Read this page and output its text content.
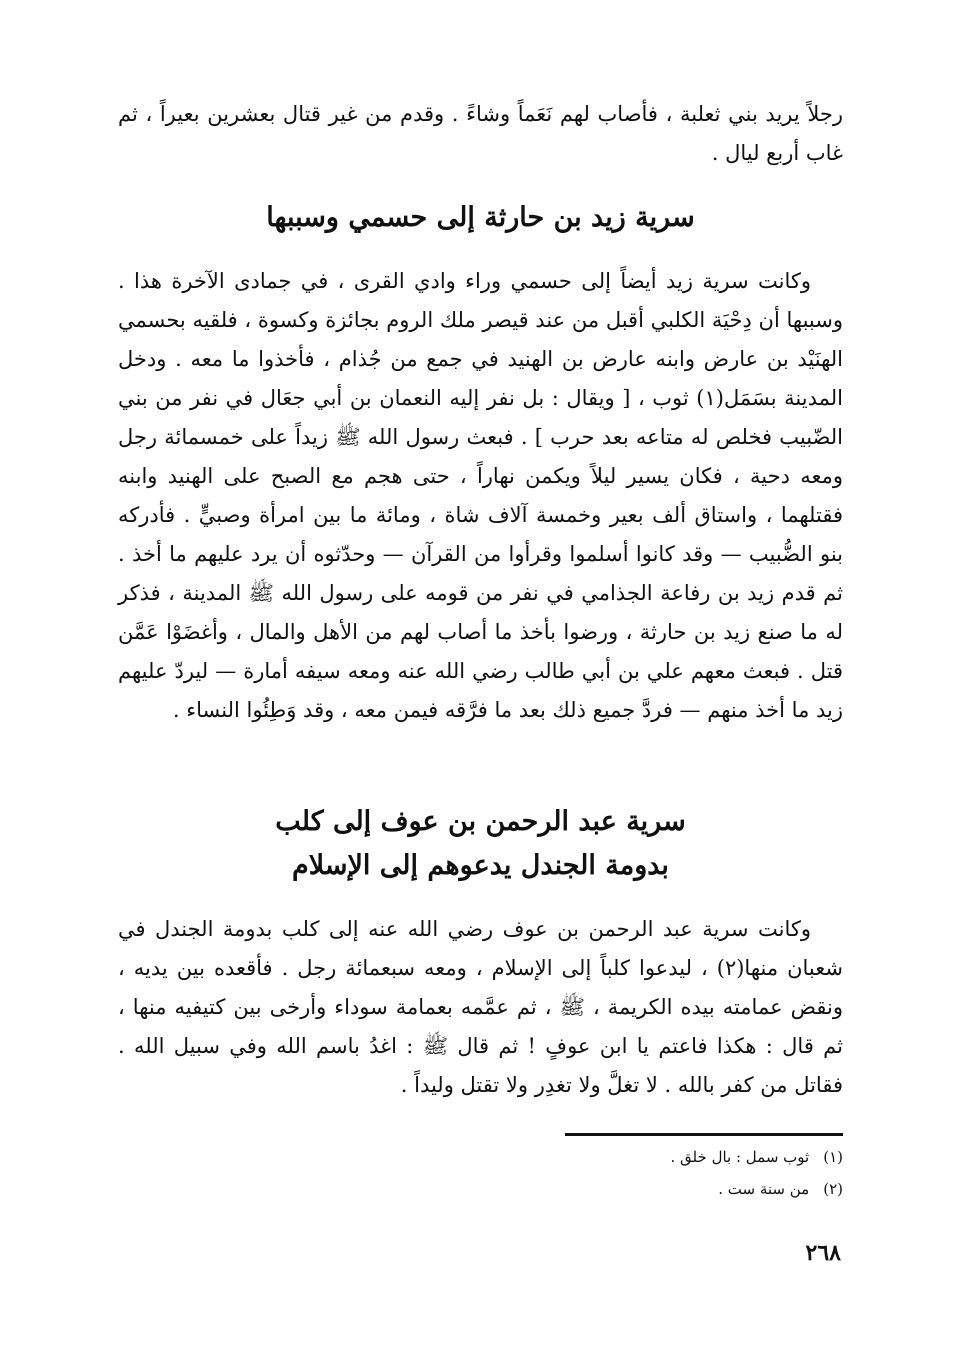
رجلاً يريد بني ثعلبة ، فأصاب لهم نَعَماً وشاءً . وقدم من غير قتال بعشرين بعيراً ، ثم غاب أربع ليال .

سرية زيد بن حارثة إلى حسمي وسببها

وكانت سرية زيد أيضاً إلى حسمي وراء وادي القرى ، في جمادى الآخرة هذا . وسببها أن دِحْيَة الكلبي أقبل من عند قيصر ملك الروم بجائزة وكسوة ، فلقيه بحسمي الهنَيْد بن عارض وابنه عارض بن الهنيد في جمع من جُذام ، فأخذوا ما معه . ودخل المدينة بسَمَل(١) ثوب ، [ ويقال : بل نفر إليه النعمان بن أبي جعَال في نفر من بني الضّبيب فخلص له متاعه بعد حرب ] . فبعث رسول الله ﷺ زيداً على خمسمائة رجل ومعه دحية ، فكان يسير ليلاً ويكمن نهاراً ، حتى هجم مع الصبح على الهنيد وابنه فقتلهما ، واستاق ألف بعير وخمسة آلاف شاة ، ومائة ما بين امرأة وصبيٍّ . فأدركه بنو الضُّبيب — وقد كانوا أسلموا وقرأوا من القرآن — وحدّثوه أن يرد عليهم ما أخذ . ثم قدم زيد بن رفاعة الجذامي في نفر من قومه على رسول الله ﷺ المدينة ، فذكر له ما صنع زيد بن حارثة ، ورضوا بأخذ ما أصاب لهم من الأهل والمال ، وأغضَوْا عَمَّن قتل . فبعث معهم علي بن أبي طالب رضي الله عنه ومعه سيفه أمارة — ليردّ عليهم زيد ما أخذ منهم — فردَّ جميع ذلك بعد ما فرَّقه فيمن معه ، وقد وَطِئُوا النساء .

سرية عبد الرحمن بن عوف إلى كلب
بدومة الجندل يدعوهم إلى الإسلام

وكانت سرية عبد الرحمن بن عوف رضي الله عنه إلى كلب بدومة الجندل في شعبان منها(٢) ، ليدعوا كلباً إلى الإسلام ، ومعه سبعمائة رجل . فأقعده بين يديه ، ونقض عمامته بيده الكريمة ، ﷺ ، ثم عمَّمه بعمامة سوداء وأرخى بين كتيفيه منها ، ثم قال : هكذا فاعتم يا ابن عوفٍ ! ثم قال ﷺ : اغدُ باسم الله وفي سبيل الله . فقاتل من كفر بالله . لا تغلَّ ولا تغدِر ولا تقتل وليداً .

(١)ثوب سمل : بال خلق .
(٢)من سنة ست .
٢٦٨
